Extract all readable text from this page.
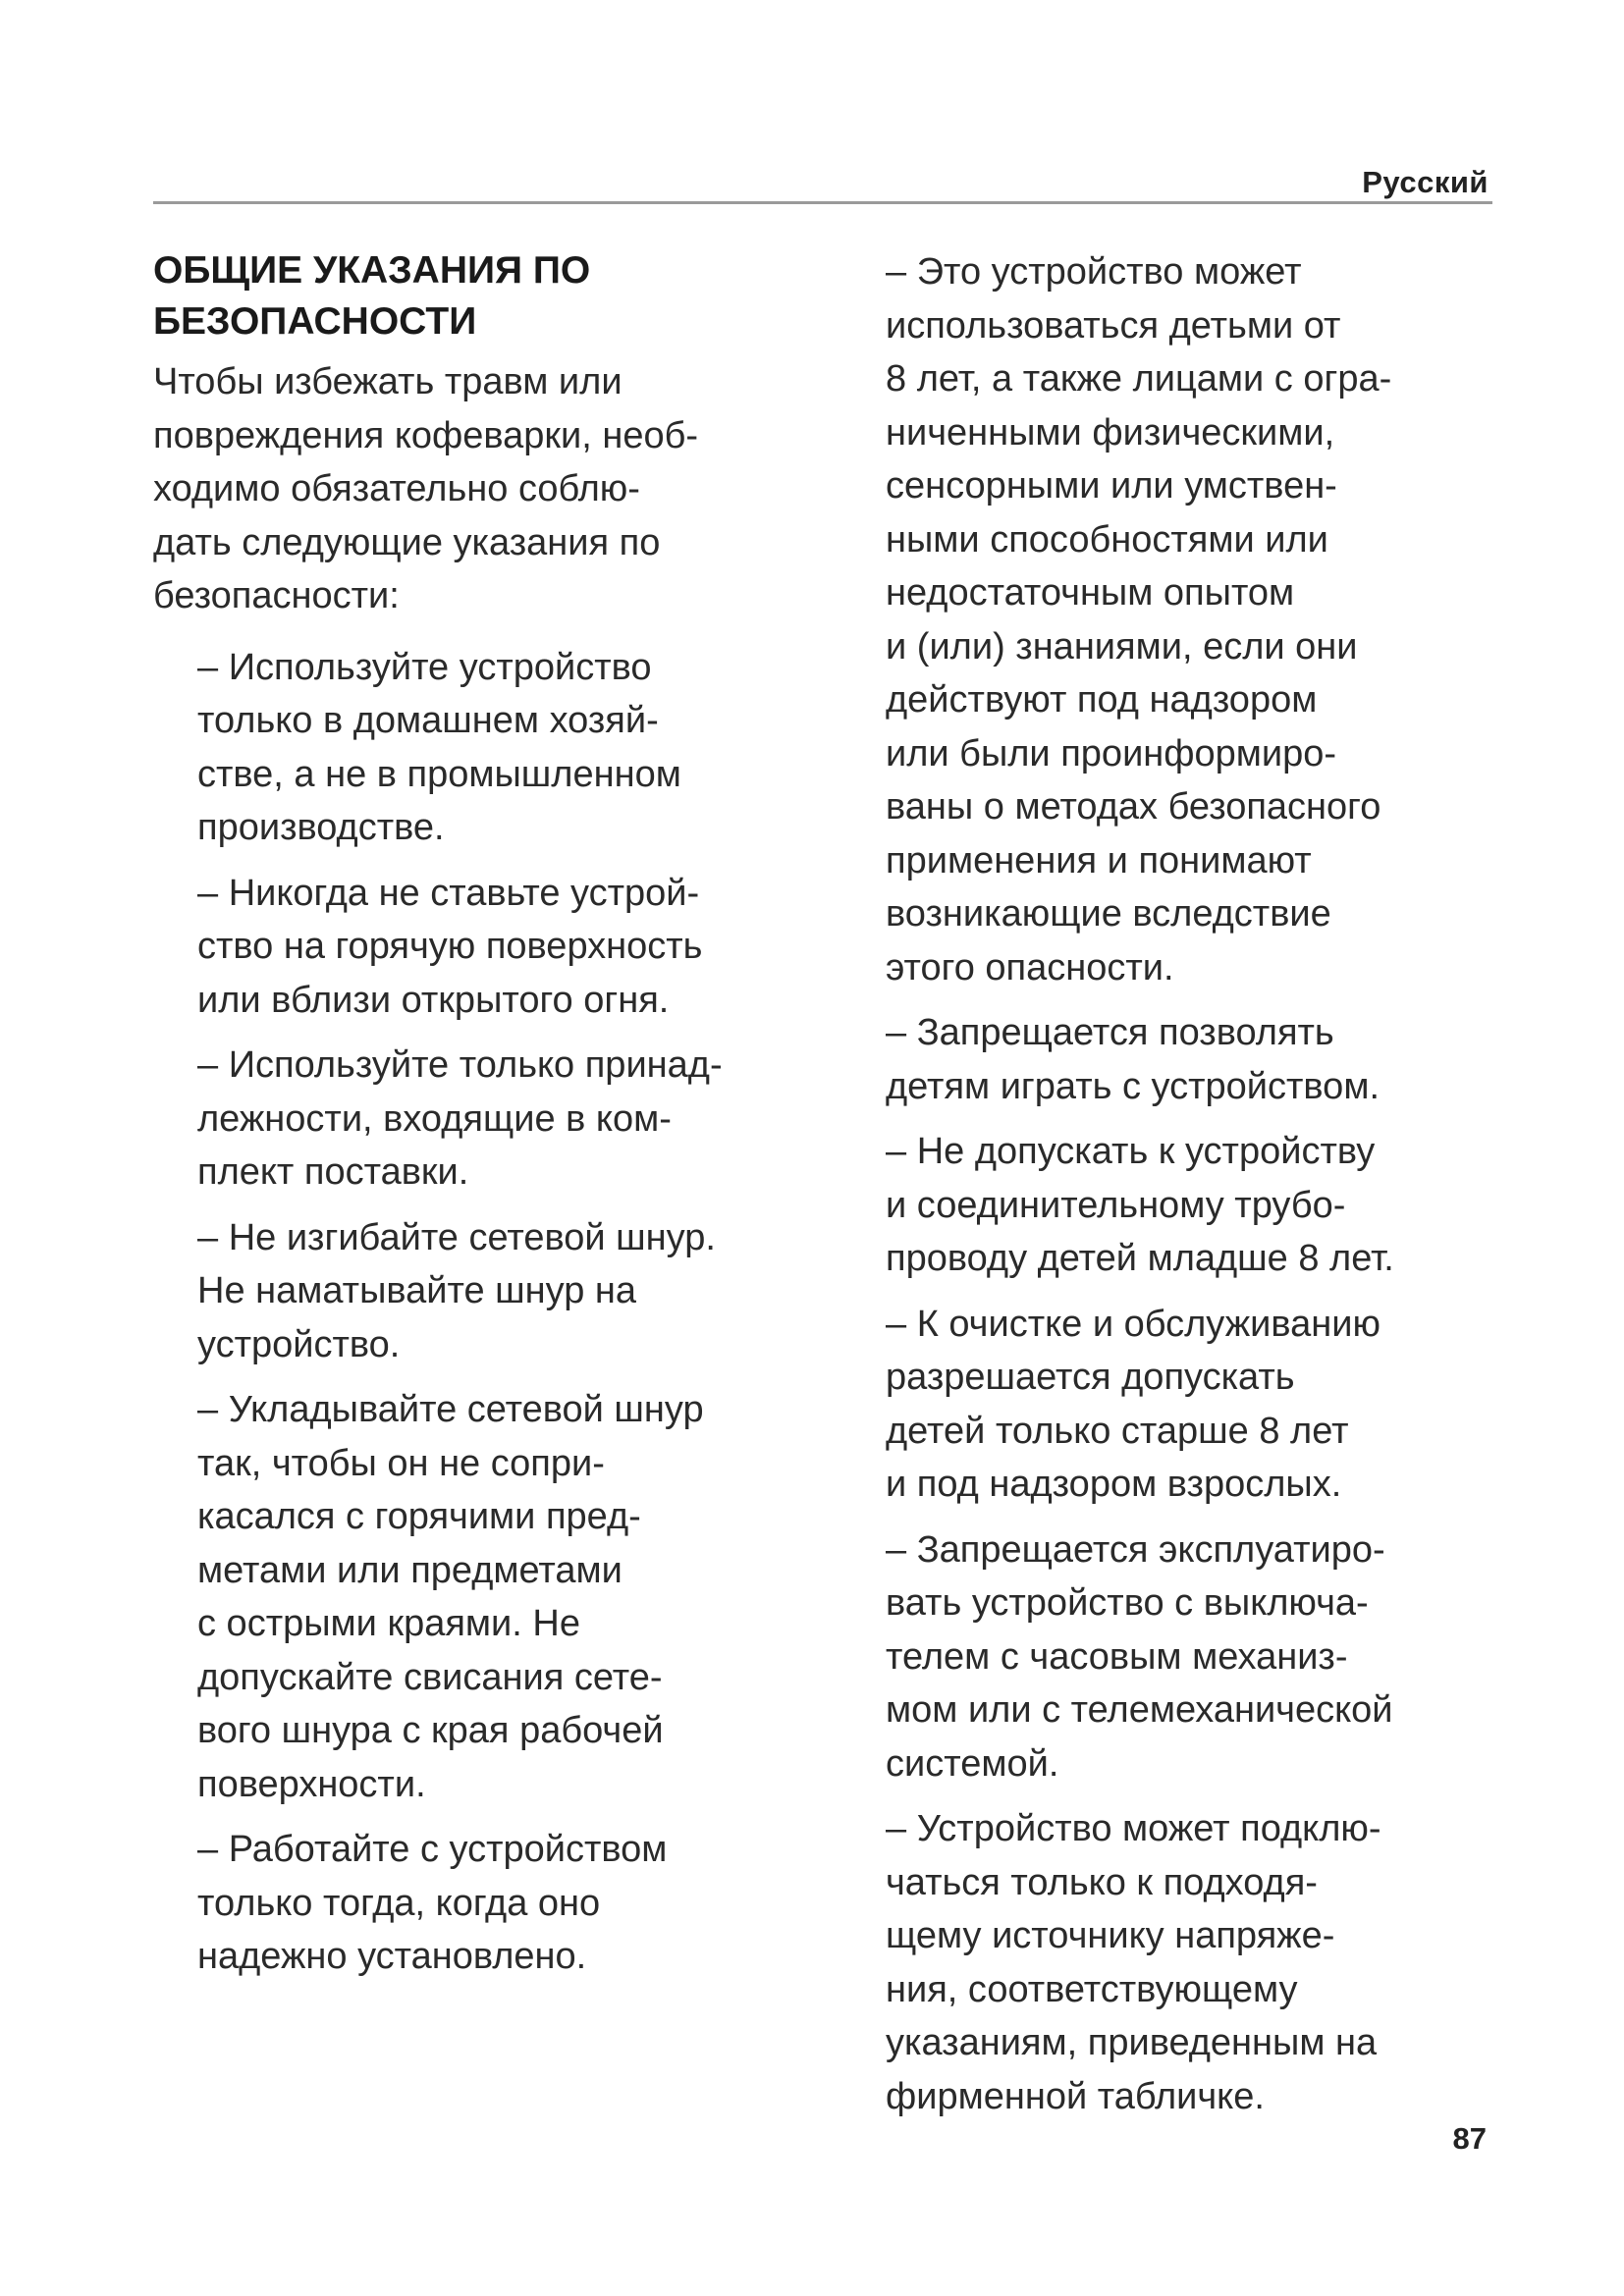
Русский
ОБЩИЕ УКАЗАНИЯ ПО
БЕЗОПАСНОСТИ

Чтобы избежать травм или
повреждения кофеварки, необ-
ходимо обязательно соблю-
дать следующие указания по
безопасности:

– Используйте устройство
только в домашнем хозяй-
стве, а не в промышленном
производстве.
– Никогда не ставьте устрой-
ство на горячую поверхность
или вблизи открытого огня.
– Используйте только принад-
лежности, входящие в ком-
плект поставки.
– Не изгибайте сетевой шнур.
Не наматывайте шнур на
устройство.
– Укладывайте сетевой шнур
так, чтобы он не сопри-
касался с горячими пред-
метами или предметами
с острыми краями. Не
допускайте свисания сете-
вого шнура с края рабочей
поверхности.
– Работайте с устройством
только тогда, когда оно
надежно установлено.
– Это устройство может
использоваться детьми от
8 лет, а также лицами с огра-
ниченными физическими,
сенсорными или умствен-
ными способностями или
недостаточным опытом
и (или) знаниями, если они
действуют под надзором
или были проинформиро-
ваны о методах безопасного
применения и понимают
возникающие вследствие
этого опасности.
– Запрещается позволять
детям играть с устройством.
– Не допускать к устройству
и соединительному трубо-
проводу детей младше 8 лет.
– К очистке и обслуживанию
разрешается допускать
детей только старше 8 лет
и под надзором взрослых.
– Запрещается эксплуатиро-
вать устройство с выключа-
телем с часовым механиз-
мом или с телемеханической
системой.
– Устройство может подклю-
чаться только к подходя-
щему источнику напряже-
ния, соответствующему
указаниям, приведенным на
фирменной табличке.
87
